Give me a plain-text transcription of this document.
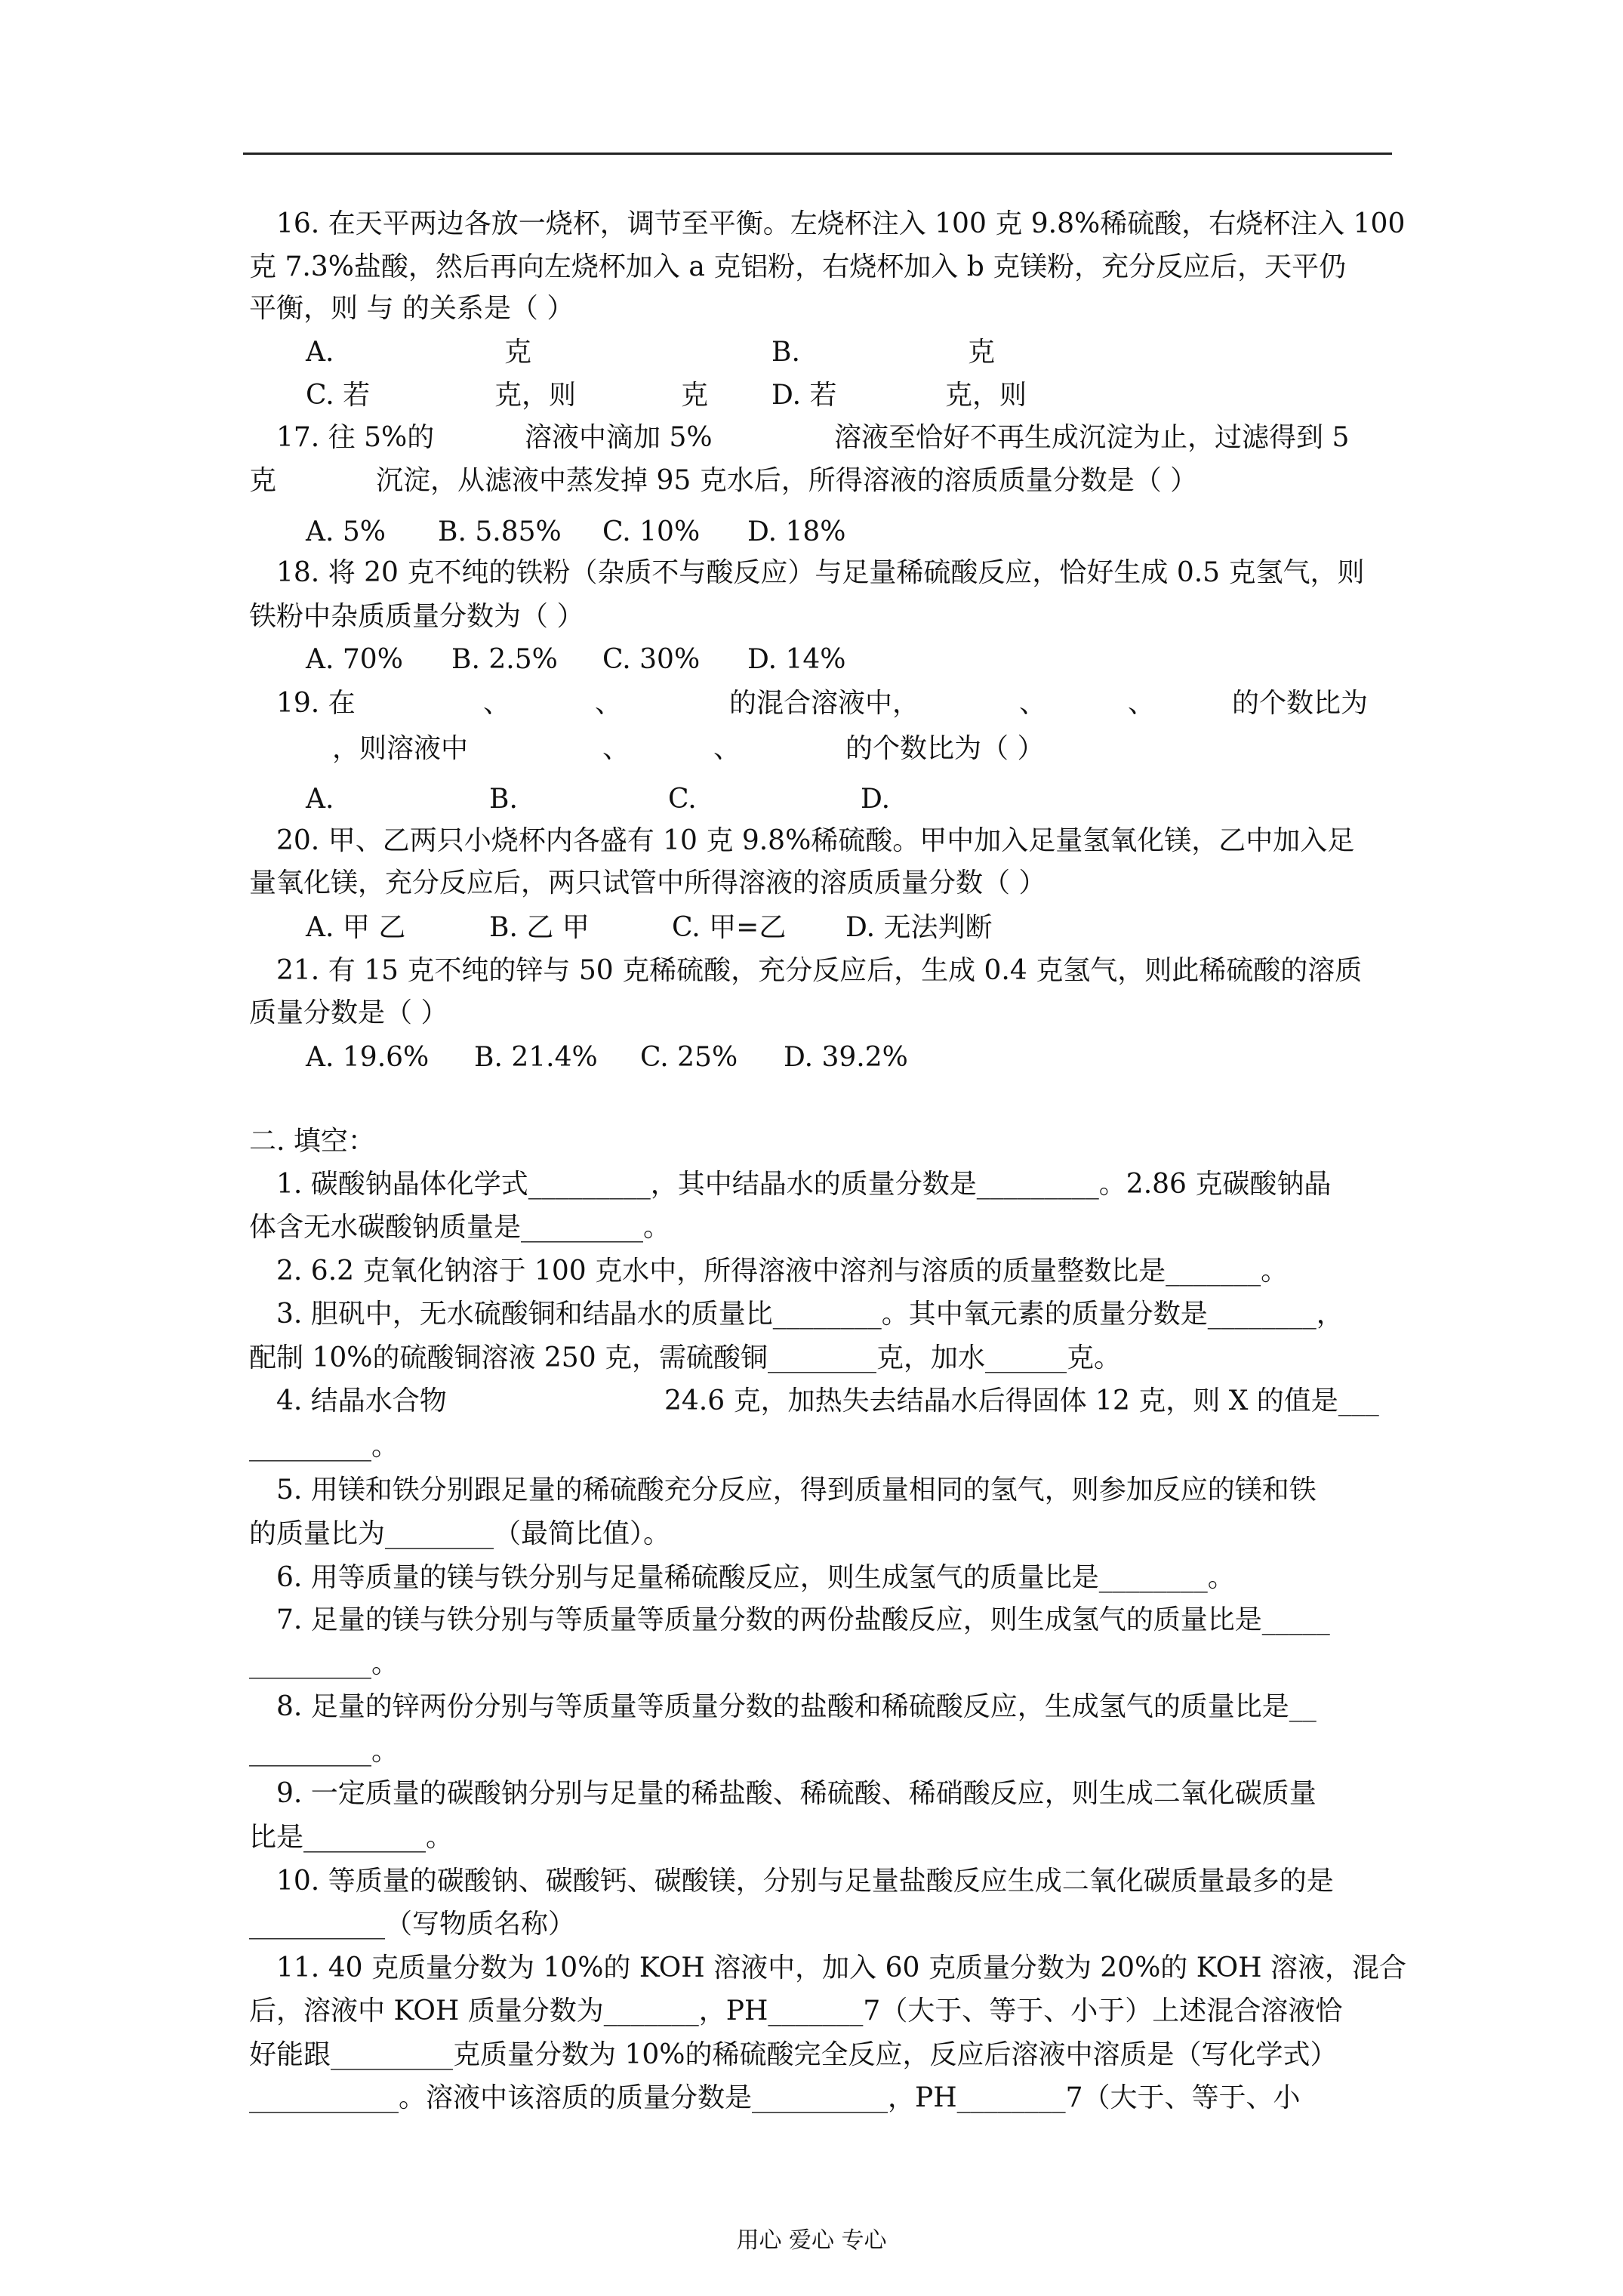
16. 在天平两边各放一烧杯，调节至平衡。左烧杯注入 100 克 9.8%稀硫酸，右烧杯注入 100
克 7.3%盐酸，然后再向左烧杯加入 a 克铝粉，右烧杯加入 b 克镁粉，充分反应后，天平仍
平衡，则 与 的关系是（ ）
A.	克	B.	克
C. 若	克，则	克 D. 若	克，则
17. 往 5%的	溶液中滴加 5%	溶液至恰好不再生成沉淀为止，过滤得到 5
克	沉淀，从滤液中蒸发掉 95 克水后，所得溶液的溶质质量分数是（ ）
A. 5% B. 5.85% C. 10% D. 18%
18. 将 20 克不纯的铁粉（杂质不与酸反应）与足量稀硫酸反应，恰好生成 0.5 克氢气，则
铁粉中杂质质量分数为（ ）
A. 70% B. 2.5% C. 30% D. 14%
19. 在	、	、	的混合溶液中，	、	、	的个数比为
，则溶液中	、	、	的个数比为（ ）
A.	B.	C.	D.
20. 甲、乙两只小烧杯内各盛有 10 克 9.8%稀硫酸。甲中加入足量氢氧化镁，乙中加入足
量氧化镁，充分反应后，两只试管中所得溶液的溶质质量分数（ ）
A. 甲 乙	B. 乙 甲	C. 甲=乙 D. 无法判断
21. 有 15 克不纯的锌与 50 克稀硫酸，充分反应后，生成 0.4 克氢气，则此稀硫酸的溶质
质量分数是（ ）
A. 19.6% B. 21.4% C. 25% D. 39.2%
二. 填空：
1. 碳酸钠晶体化学式_________，其中结晶水的质量分数是_________。2.86 克碳酸钠晶
体含无水碳酸钠质量是_________。
2. 6.2 克氧化钠溶于 100 克水中，所得溶液中溶剂与溶质的质量整数比是_______。
3. 胆矾中，无水硫酸铜和结晶水的质量比________。其中氧元素的质量分数是________，
配制 10%的硫酸铜溶液 250 克，需硫酸铜________克，加水______克。
4. 结晶水合物	24.6 克，加热失去结晶水后得固体 12 克，则 X 的值是___
_________。
5. 用镁和铁分别跟足量的稀硫酸充分反应，得到质量相同的氢气，则参加反应的镁和铁
的质量比为________（最简比值）。
6. 用等质量的镁与铁分别与足量稀硫酸反应，则生成氢气的质量比是________。
7. 足量的镁与铁分别与等质量等质量分数的两份盐酸反应，则生成氢气的质量比是_____
_________。
8. 足量的锌两份分别与等质量等质量分数的盐酸和稀硫酸反应，生成氢气的质量比是__
_________。
9. 一定质量的碳酸钠分别与足量的稀盐酸、稀硫酸、稀硝酸反应，则生成二氧化碳质量
比是_________。
10. 等质量的碳酸钠、碳酸钙、碳酸镁，分别与足量盐酸反应生成二氧化碳质量最多的是
__________（写物质名称）
11. 40 克质量分数为 10%的 KOH 溶液中，加入 60 克质量分数为 20%的 KOH 溶液，混合
后，溶液中 KOH 质量分数为_______，PH_______7（大于、等于、小于）上述混合溶液恰
好能跟_________克质量分数为 10%的稀硫酸完全反应，反应后溶液中溶质是（写化学式）
___________。溶液中该溶质的质量分数是__________，PH________7（大于、等于、小
用心 爱心 专心
